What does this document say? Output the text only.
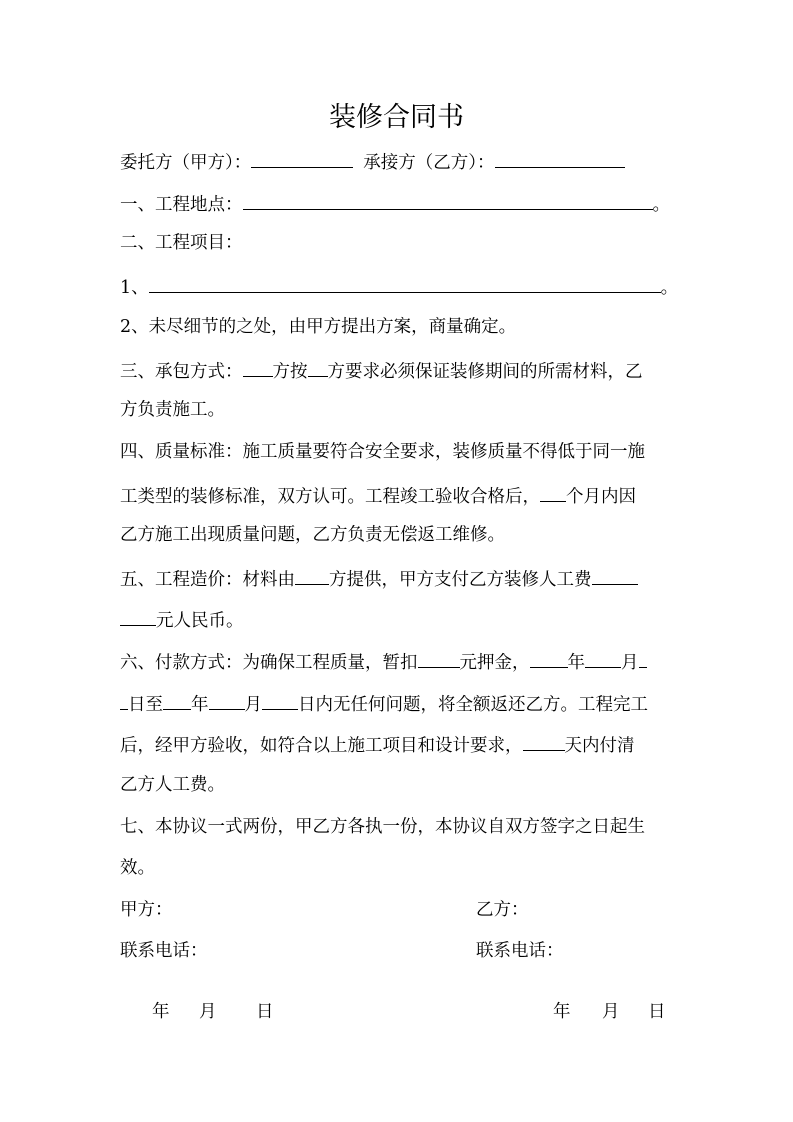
装修合同书
委托方（甲方）：	承接方（乙方）：
一、工程地点：	。
二、工程项目：
1、	。
2、未尽细节的之处，由甲方提出方案，商量确定。
三、承包方式： 方按 方要求必须保证装修期间的所需材料，乙
方负责施工。
四、质量标准：施工质量要符合安全要求，装修质量不得低于同一施
工类型的装修标准，双方认可。工程竣工验收合格后， 个月内因
乙方施工出现质量问题，乙方负责无偿返工维修。
五、工程造价：材料由 方提供，甲方支付乙方装修人工费
元人民币。
六、付款方式：为确保工程质量，暂扣 元押金， 年 月
日至 年 月 日内无任何问题，将全额返还乙方。工程完工
后，经甲方验收，如符合以上施工项目和设计要求， 天内付清
乙方人工费。
七、本协议一式两份，甲乙方各执一份，本协议自双方签字之日起生
效。
甲方：	乙方：
联系电话：	联系电话：
年 月 日	年 月 日
